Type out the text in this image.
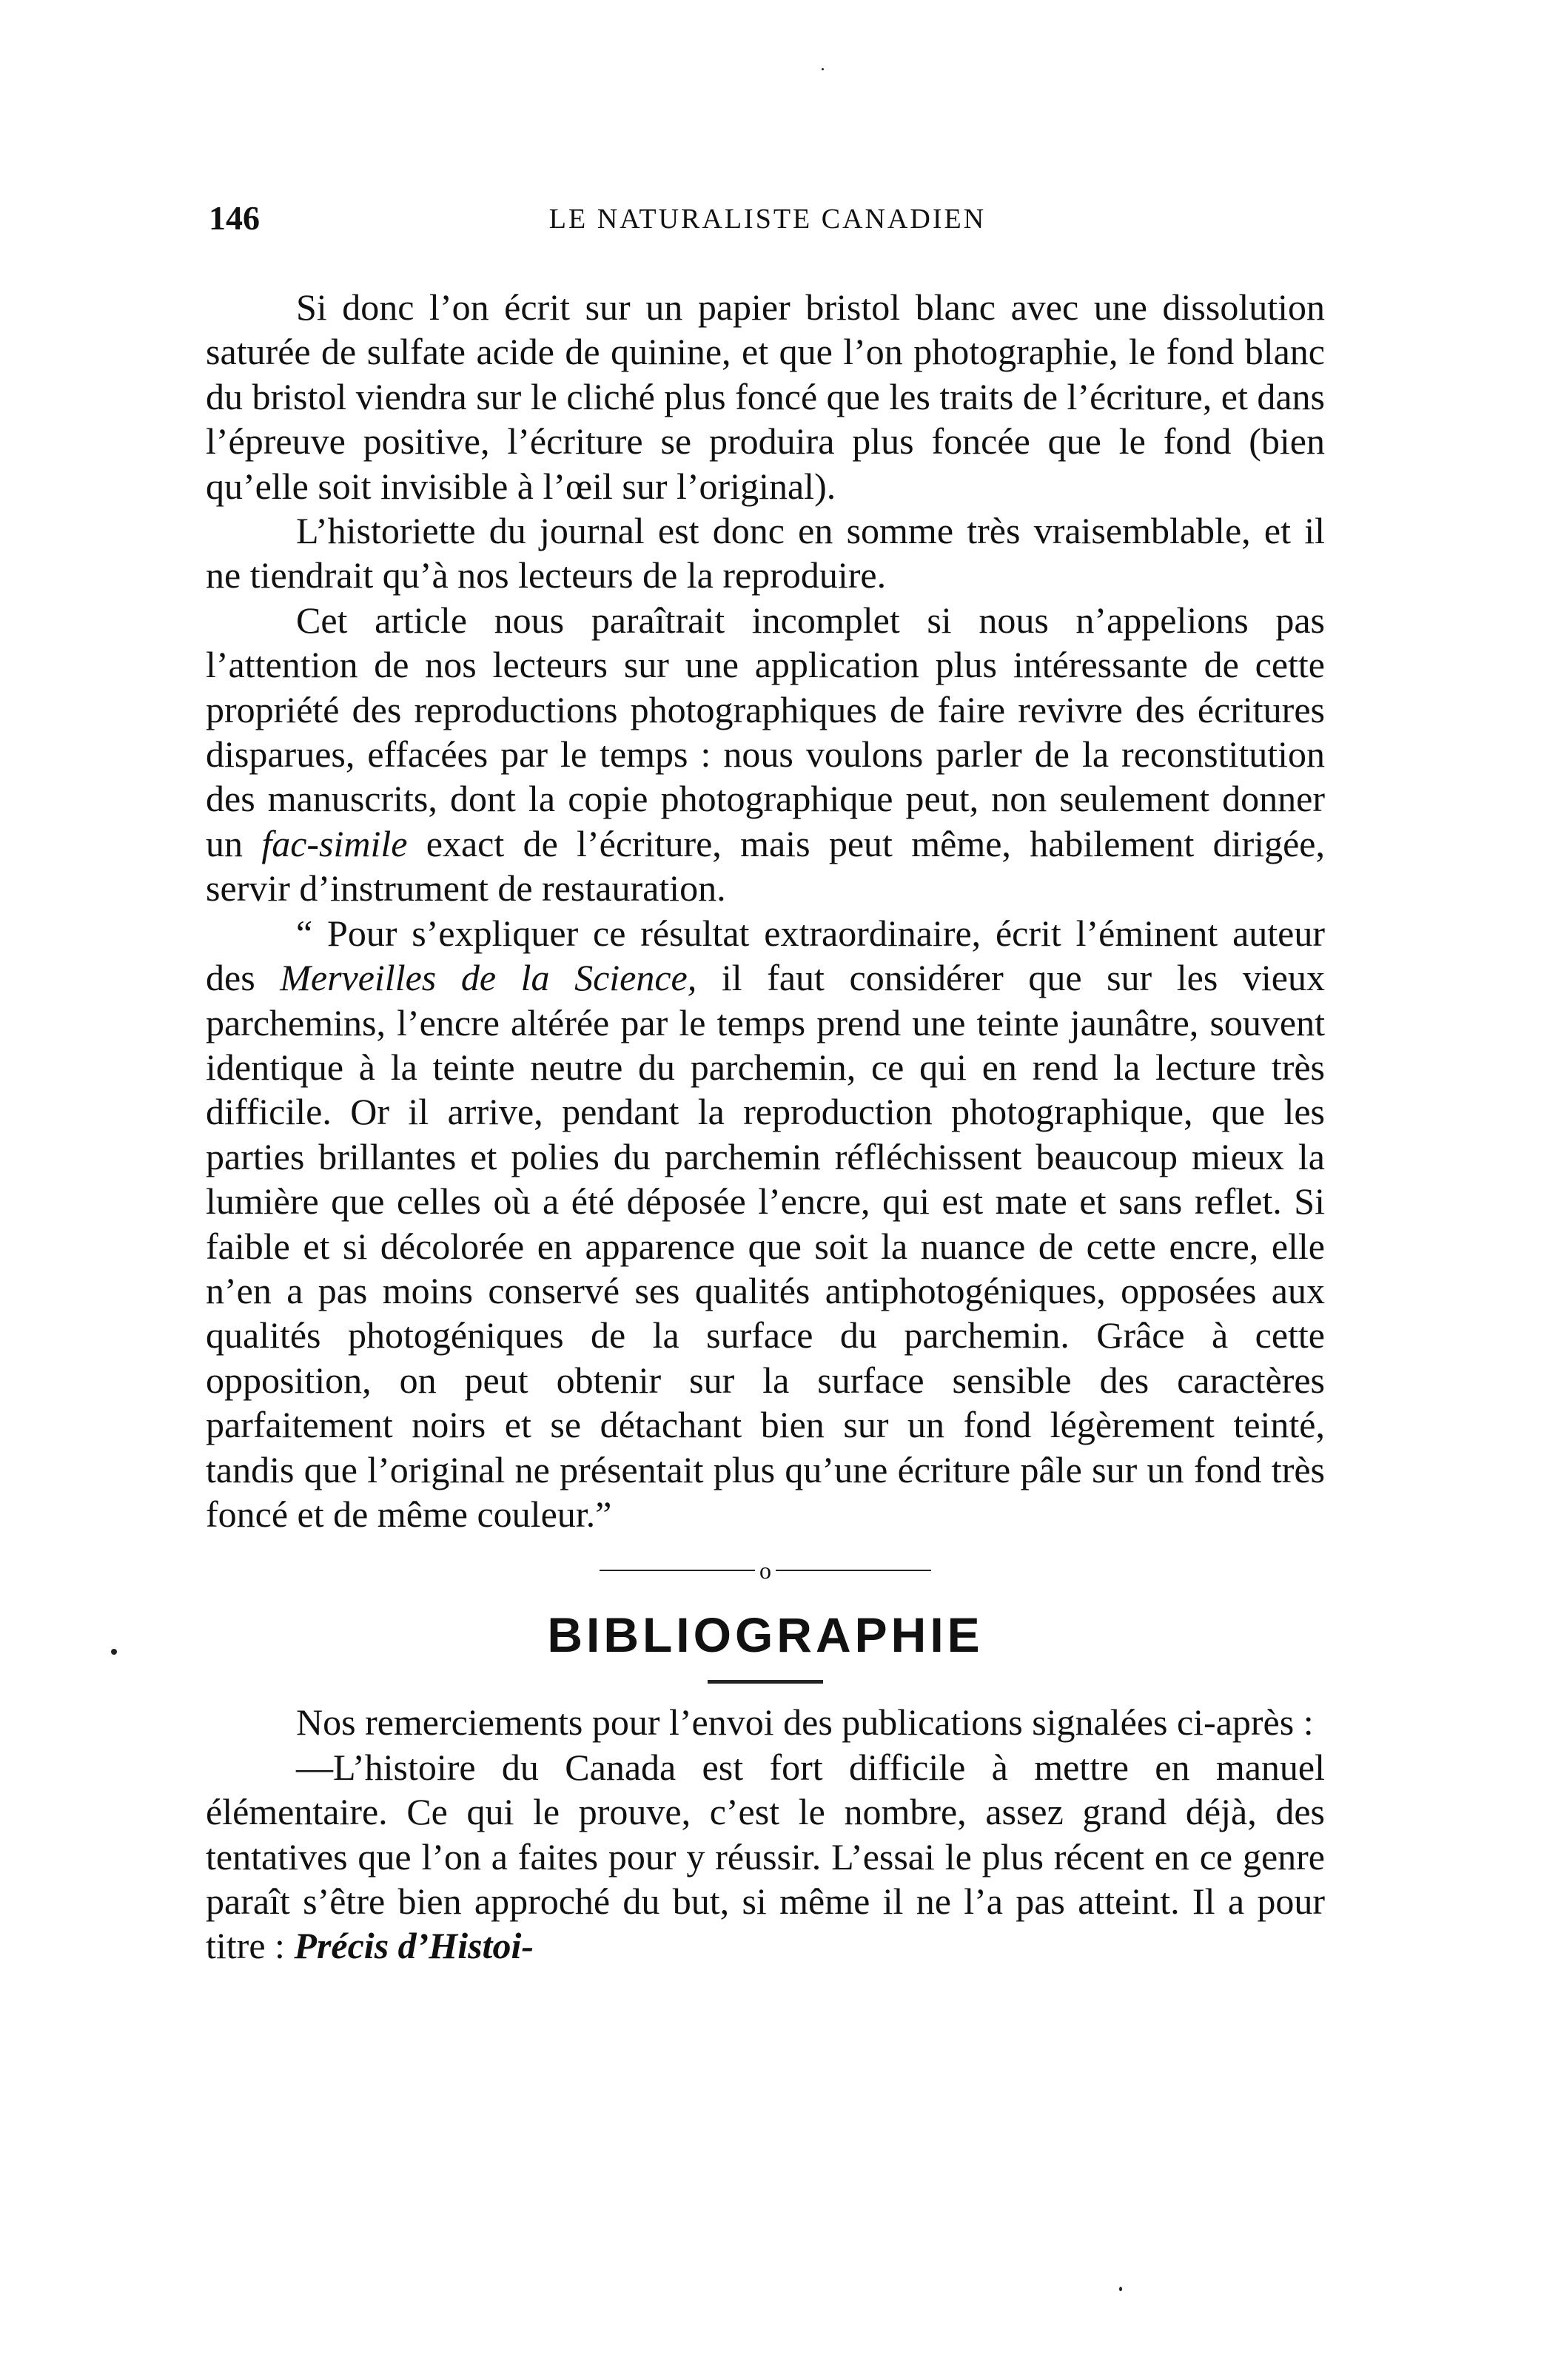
146	LE NATURALISTE CANADIEN

Si donc l’on écrit sur un papier bristol blanc avec une dissolution saturée de sulfate acide de quinine, et que l’on photographie, le fond blanc du bristol viendra sur le cliché plus foncé que les traits de l’écriture, et dans l’épreuve positive, l’écriture se produira plus foncée que le fond (bien qu’elle soit invisible à l’œil sur l’original).

L’historiette du journal est donc en somme très vraisemblable, et il ne tiendrait qu’à nos lecteurs de la reproduire.

Cet article nous paraîtrait incomplet si nous n’appelions pas l’attention de nos lecteurs sur une application plus intéressante de cette propriété des reproductions photographiques de faire revivre des écritures disparues, effacées par le temps : nous voulons parler de la reconstitution des manuscrits, dont la copie photographique peut, non seulement donner un fac-simile exact de l’écriture, mais peut même, habilement dirigée, servir d’instrument de restauration.

“ Pour s’expliquer ce résultat extraordinaire, écrit l’éminent auteur des Merveilles de la Science, il faut considérer que sur les vieux parchemins, l’encre altérée par le temps prend une teinte jaunâtre, souvent identique à la teinte neutre du parchemin, ce qui en rend la lecture très difficile. Or il arrive, pendant la reproduction photographique, que les parties brillantes et polies du parchemin réfléchissent beaucoup mieux la lumière que celles où a été déposée l’encre, qui est mate et sans reflet. Si faible et si décolorée en apparence que soit la nuance de cette encre, elle n’en a pas moins conservé ses qualités antiphotogéniques, opposées aux qualités photogéniques de la surface du parchemin. Grâce à cette opposition, on peut obtenir sur la surface sensible des caractères parfaitement noirs et se détachant bien sur un fond légèrement teinté, tandis que l’original ne présentait plus qu’une écriture pâle sur un fond très foncé et de même couleur.”

o
BIBLIOGRAPHIE

Nos remerciements pour l’envoi des publications signalées ci-après :

—L’histoire du Canada est fort difficile à mettre en manuel élémentaire. Ce qui le prouve, c’est le nombre, assez grand déjà, des tentatives que l’on a faites pour y réussir. L’essai le plus récent en ce genre paraît s’être bien approché du but, si même il ne l’a pas atteint. Il a pour titre : Précis d’Histoi-
